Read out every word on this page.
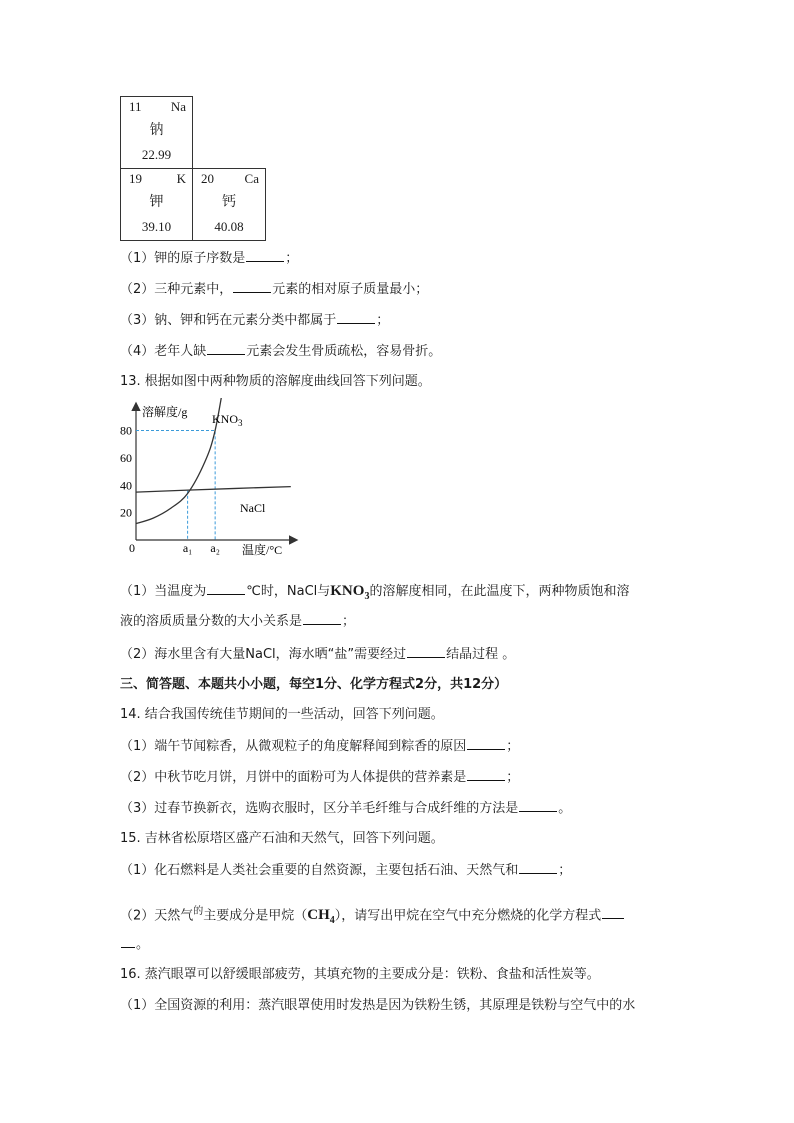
11 Na
钠
22.99
19	K
钾
39.10
20 Ca
钙
40.08
（1）钾的原子序数是	；
（2）三种元素中，	元素的相对原子质量最小；
（3）钠、钾和钙在元素分类中都属于	；
（4）老年人缺	元素会发生骨质疏松，容易骨折。
13. 根据如图中两种物质的溶解度曲线回答下列问题。
溶解度/g
温度/°C
0
80
60
40
20
a₁ a₂
$KNO_3$
NaCl
（1）当温度为	℃时，NaCl与$KNO_3$的溶解度相同，在此温度下，两种物质饱和溶
液的溶质质量分数的大小关系是	；
（2）海水里含有大量NaCl，海水晒“盐”需要经过	结晶过程 。
三、简答题、本题共小小题，每空1分、化学方程式2分，共12分）
14. 结合我国传统佳节期间的一些活动，回答下列问题。
（1）端午节闻粽香，从微观粒子的角度解释闻到粽香的原因	；
（2）中秋节吃月饼，月饼中的面粉可为人体提供的营养素是	；
（3）过春节换新衣，选购衣服时，区分羊毛纤维与合成纤维的方法是	。
15. 吉林省松原塔区盛产石油和天然气，回答下列问题。
（1）化石燃料是人类社会重要的自然资源，主要包括石油、天然气和	；
（2）天然气$^的$主要成分是甲烷$(CH_4)$，请写出甲烷在空气中充分燃烧的化学方程式
。
16. 蒸汽眼罩可以舒缓眼部疲劳，其填充物的主要成分是：铁粉、食盐和活性炭等。
（1）全国资源的利用：蒸汽眼罩使用时发热是因为铁粉生锈，其原理是铁粉与空气中的水
